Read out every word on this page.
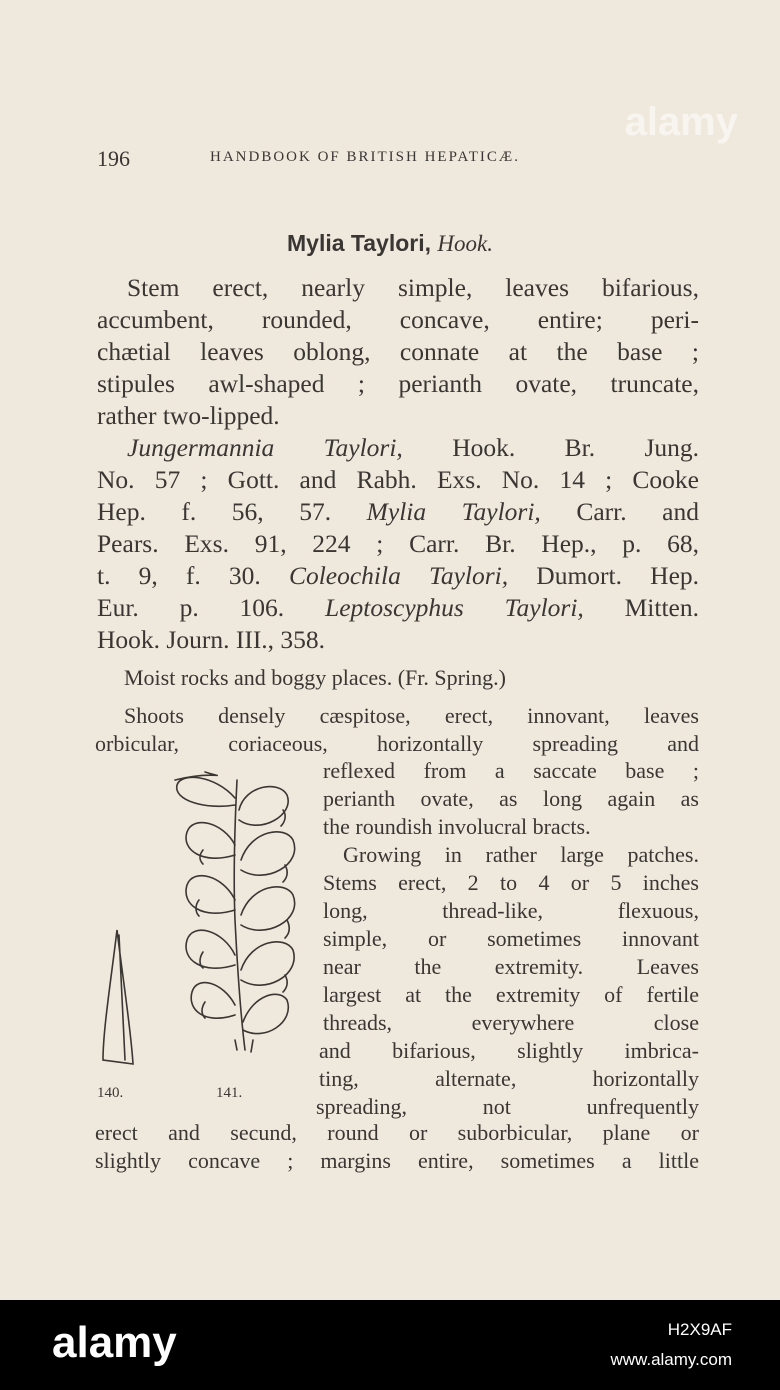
alamy
196	HANDBOOK OF BRITISH HEPATICÆ.
Mylia Taylori, Hook.
Stem erect, nearly simple, leaves bifarious,
accumbent, rounded, concave, entire; peri-
chætial leaves oblong, connate at the base ;
stipules awl-shaped ; perianth ovate, truncate,
rather two-lipped.
Jungermannia Taylori, Hook. Br. Jung.
No. 57 ; Gott. and Rabh. Exs. No. 14 ; Cooke
Hep. f. 56, 57. Mylia Taylori, Carr. and
Pears. Exs. 91, 224 ; Carr. Br. Hep., p. 68,
t. 9, f. 30. Coleochila Taylori, Dumort. Hep.
Eur. p. 106. Leptoscyphus Taylori, Mitten.
Hook. Journ. III., 358.
Moist rocks and boggy places. (Fr. Spring.)
Shoots densely cæspitose, erect, innovant, leaves
orbicular, coriaceous, horizontally spreading and
reflexed from a saccate base ;
perianth ovate, as long again as
the roundish involucral bracts.
Growing in rather large patches.
Stems erect, 2 to 4 or 5 inches
long, thread-like, flexuous,
simple, or sometimes innovant
near the extremity. Leaves
largest at the extremity of fertile
threads, everywhere close
and bifarious, slightly imbrica-
ting, alternate, horizontally
spreading, not unfrequently
erect and secund, round or suborbicular, plane or
slightly concave ; margins entire, sometimes a little
140.	141.
alamy	H2X9AF
www.alamy.com
